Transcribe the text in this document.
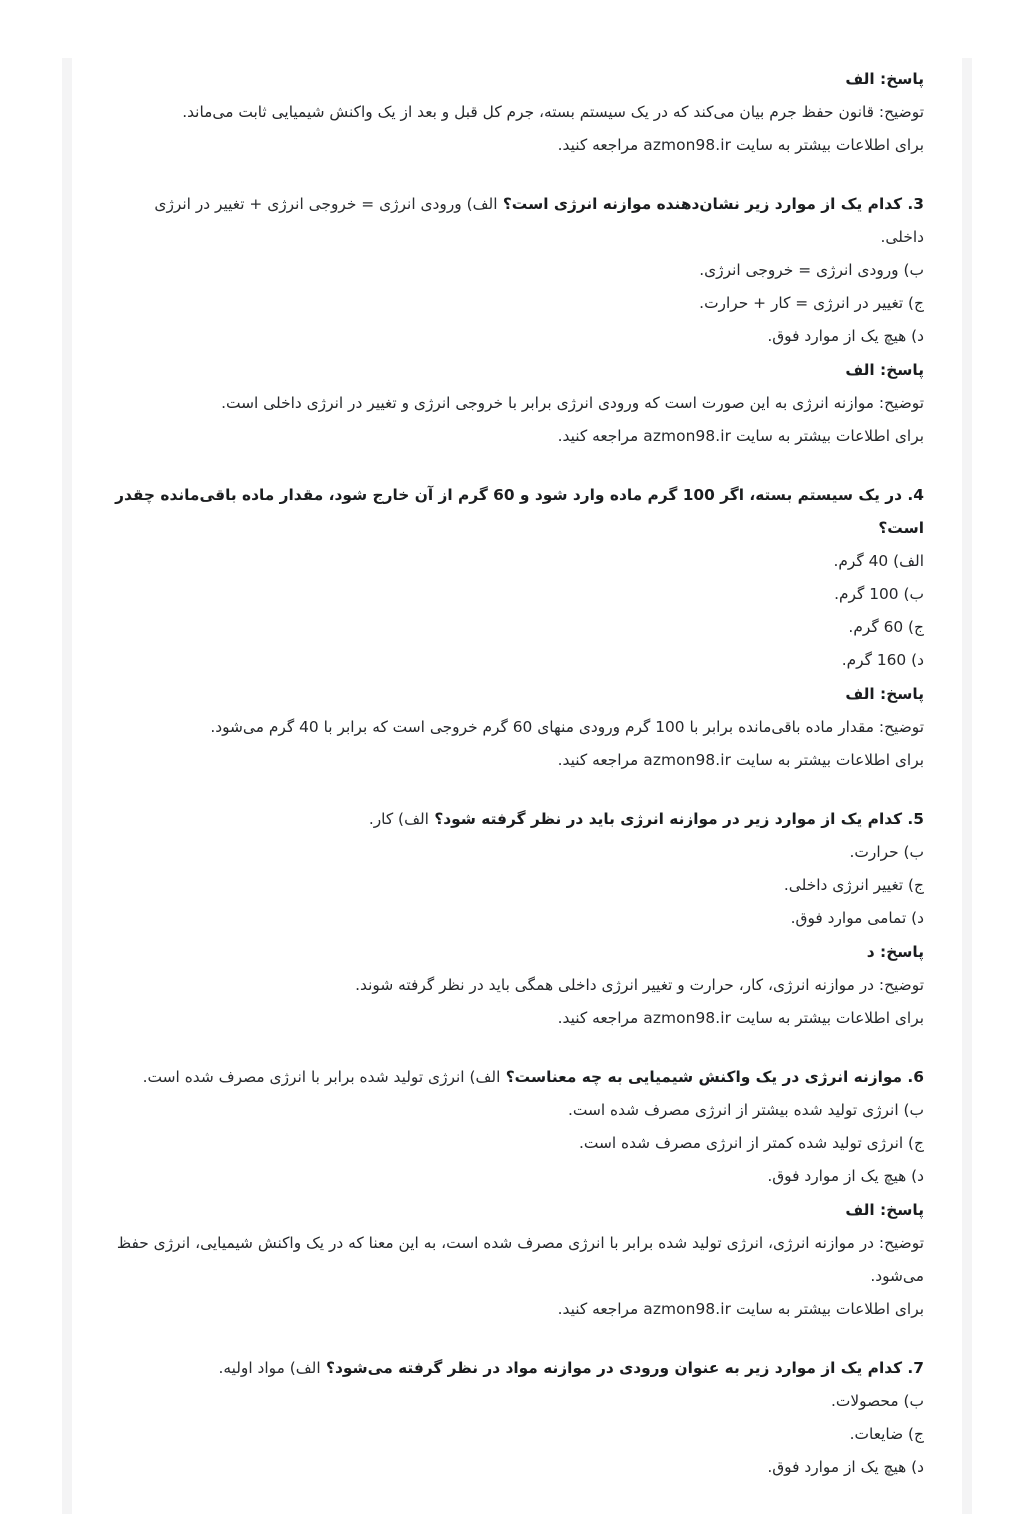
پاسخ: الف

توضیح: قانون حفظ جرم بیان می‌کند که در یک سیستم بسته، جرم کل قبل و بعد از یک واکنش شیمیایی ثابت می‌ماند.

برای اطلاعات بیشتر به سایت azmon98.ir مراجعه کنید.

3. کدام یک از موارد زیر نشان‌دهنده موازنه انرژی است؟ الف) ورودی انرژی = خروجی انرژی + تغییر در انرژی داخلی.

ب) ورودی انرژی = خروجی انرژی.

ج) تغییر در انرژی = کار + حرارت.

د) هیچ یک از موارد فوق.

پاسخ: الف

توضیح: موازنه انرژی به این صورت است که ورودی انرژی برابر با خروجی انرژی و تغییر در انرژی داخلی است.

برای اطلاعات بیشتر به سایت azmon98.ir مراجعه کنید.

4. در یک سیستم بسته، اگر 100 گرم ماده وارد شود و 60 گرم از آن خارج شود، مقدار ماده باقی‌مانده چقدر است؟

الف) 40 گرم.

ب) 100 گرم.

ج) 60 گرم.

د) 160 گرم.

پاسخ: الف

توضیح: مقدار ماده باقی‌مانده برابر با 100 گرم ورودی منهای 60 گرم خروجی است که برابر با 40 گرم می‌شود.

برای اطلاعات بیشتر به سایت azmon98.ir مراجعه کنید.

5. کدام یک از موارد زیر در موازنه انرژی باید در نظر گرفته شود؟ الف) کار.

ب) حرارت.

ج) تغییر انرژی داخلی.

د) تمامی موارد فوق.

پاسخ: د

توضیح: در موازنه انرژی، کار، حرارت و تغییر انرژی داخلی همگی باید در نظر گرفته شوند.

برای اطلاعات بیشتر به سایت azmon98.ir مراجعه کنید.

6. موازنه انرژی در یک واکنش شیمیایی به چه معناست؟ الف) انرژی تولید شده برابر با انرژی مصرف شده است.

ب) انرژی تولید شده بیشتر از انرژی مصرف شده است.

ج) انرژی تولید شده کمتر از انرژی مصرف شده است.

د) هیچ یک از موارد فوق.

پاسخ: الف

توضیح: در موازنه انرژی، انرژی تولید شده برابر با انرژی مصرف شده است، به این معنا که در یک واکنش شیمیایی، انرژی حفظ می‌شود.

برای اطلاعات بیشتر به سایت azmon98.ir مراجعه کنید.

7. کدام یک از موارد زیر به عنوان ورودی در موازنه مواد در نظر گرفته می‌شود؟ الف) مواد اولیه.

ب) محصولات.

ج) ضایعات.

د) هیچ یک از موارد فوق.
